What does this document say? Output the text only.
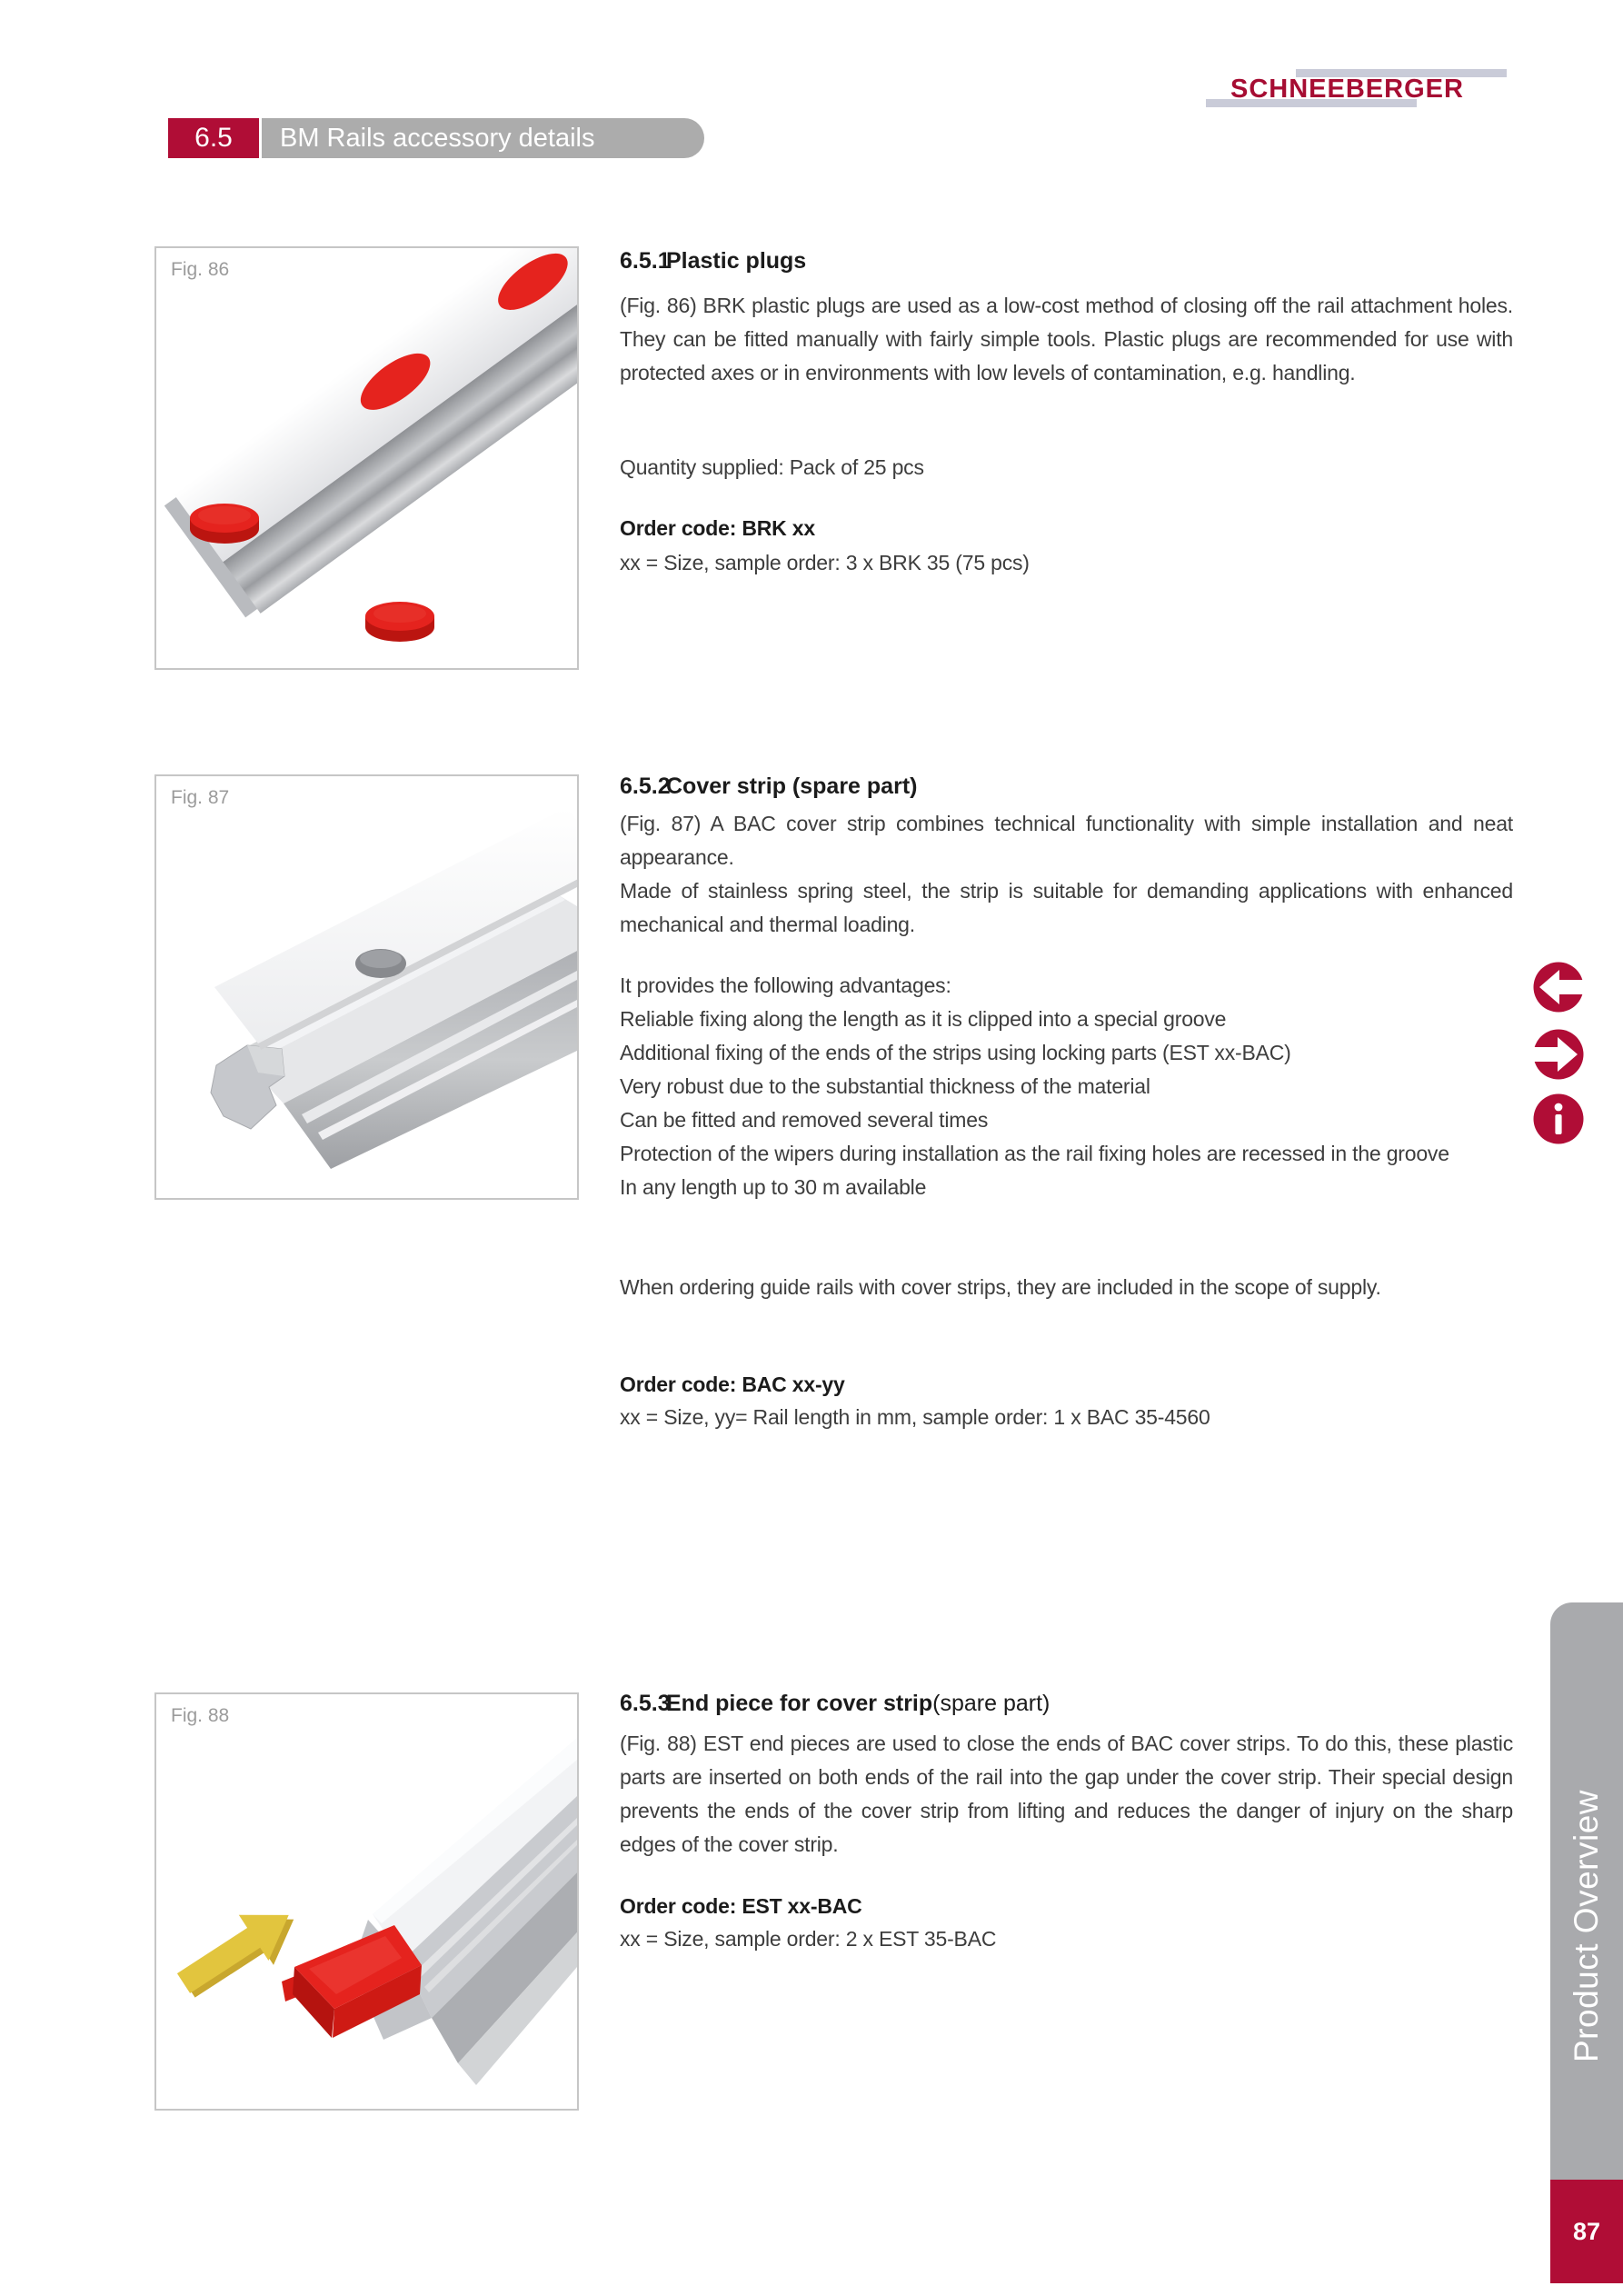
SCHNEEBERGER
6.5	BM Rails accessory details
Fig. 86
Fig. 87
Fig. 88
6.5.1
Plastic plugs
(Fig. 86) BRK plastic plugs are used as a low-cost method of closing off the rail attachment holes. They can be fitted manually with fairly simple tools. Plastic plugs are recommended for use with protected axes or in environments with low levels of contamination, e.g. handling.
Quantity supplied: Pack of 25 pcs
Order code: BRK xx
xx = Size, sample order: 3 x BRK 35 (75 pcs)
6.5.2
Cover strip (spare part)
(Fig. 87) A BAC cover strip combines technical functionality with simple installation and neat appearance.
Made of stainless spring steel, the strip is suitable for demanding applications with enhanced mechanical and thermal loading.
It provides the following advantages:
Reliable fixing along the length as it is clipped into a special groove
Additional fixing of the ends of the strips using locking parts (EST xx-BAC)
Very robust due to the substantial thickness of the material
Can be fitted and removed several times
Protection of the wipers during installation as the rail fixing holes are recessed in the groove
In any length up to 30 m available
When ordering guide rails with cover strips, they are included in the scope of supply.
Order code: BAC xx-yy
xx = Size, yy= Rail length in mm, sample order: 1 x BAC 35-4560
6.5.3
End piece for cover strip (spare part)
(Fig. 88) EST end pieces are used to close the ends of BAC cover strips. To do this, these plastic parts are inserted on both ends of the rail into the gap under the cover strip. Their special design prevents the ends of the cover strip from lifting and reduces the danger of injury on the sharp edges of the cover strip.
Order code: EST xx-BAC
xx = Size, sample order: 2 x EST 35-BAC	Product Overview
87
